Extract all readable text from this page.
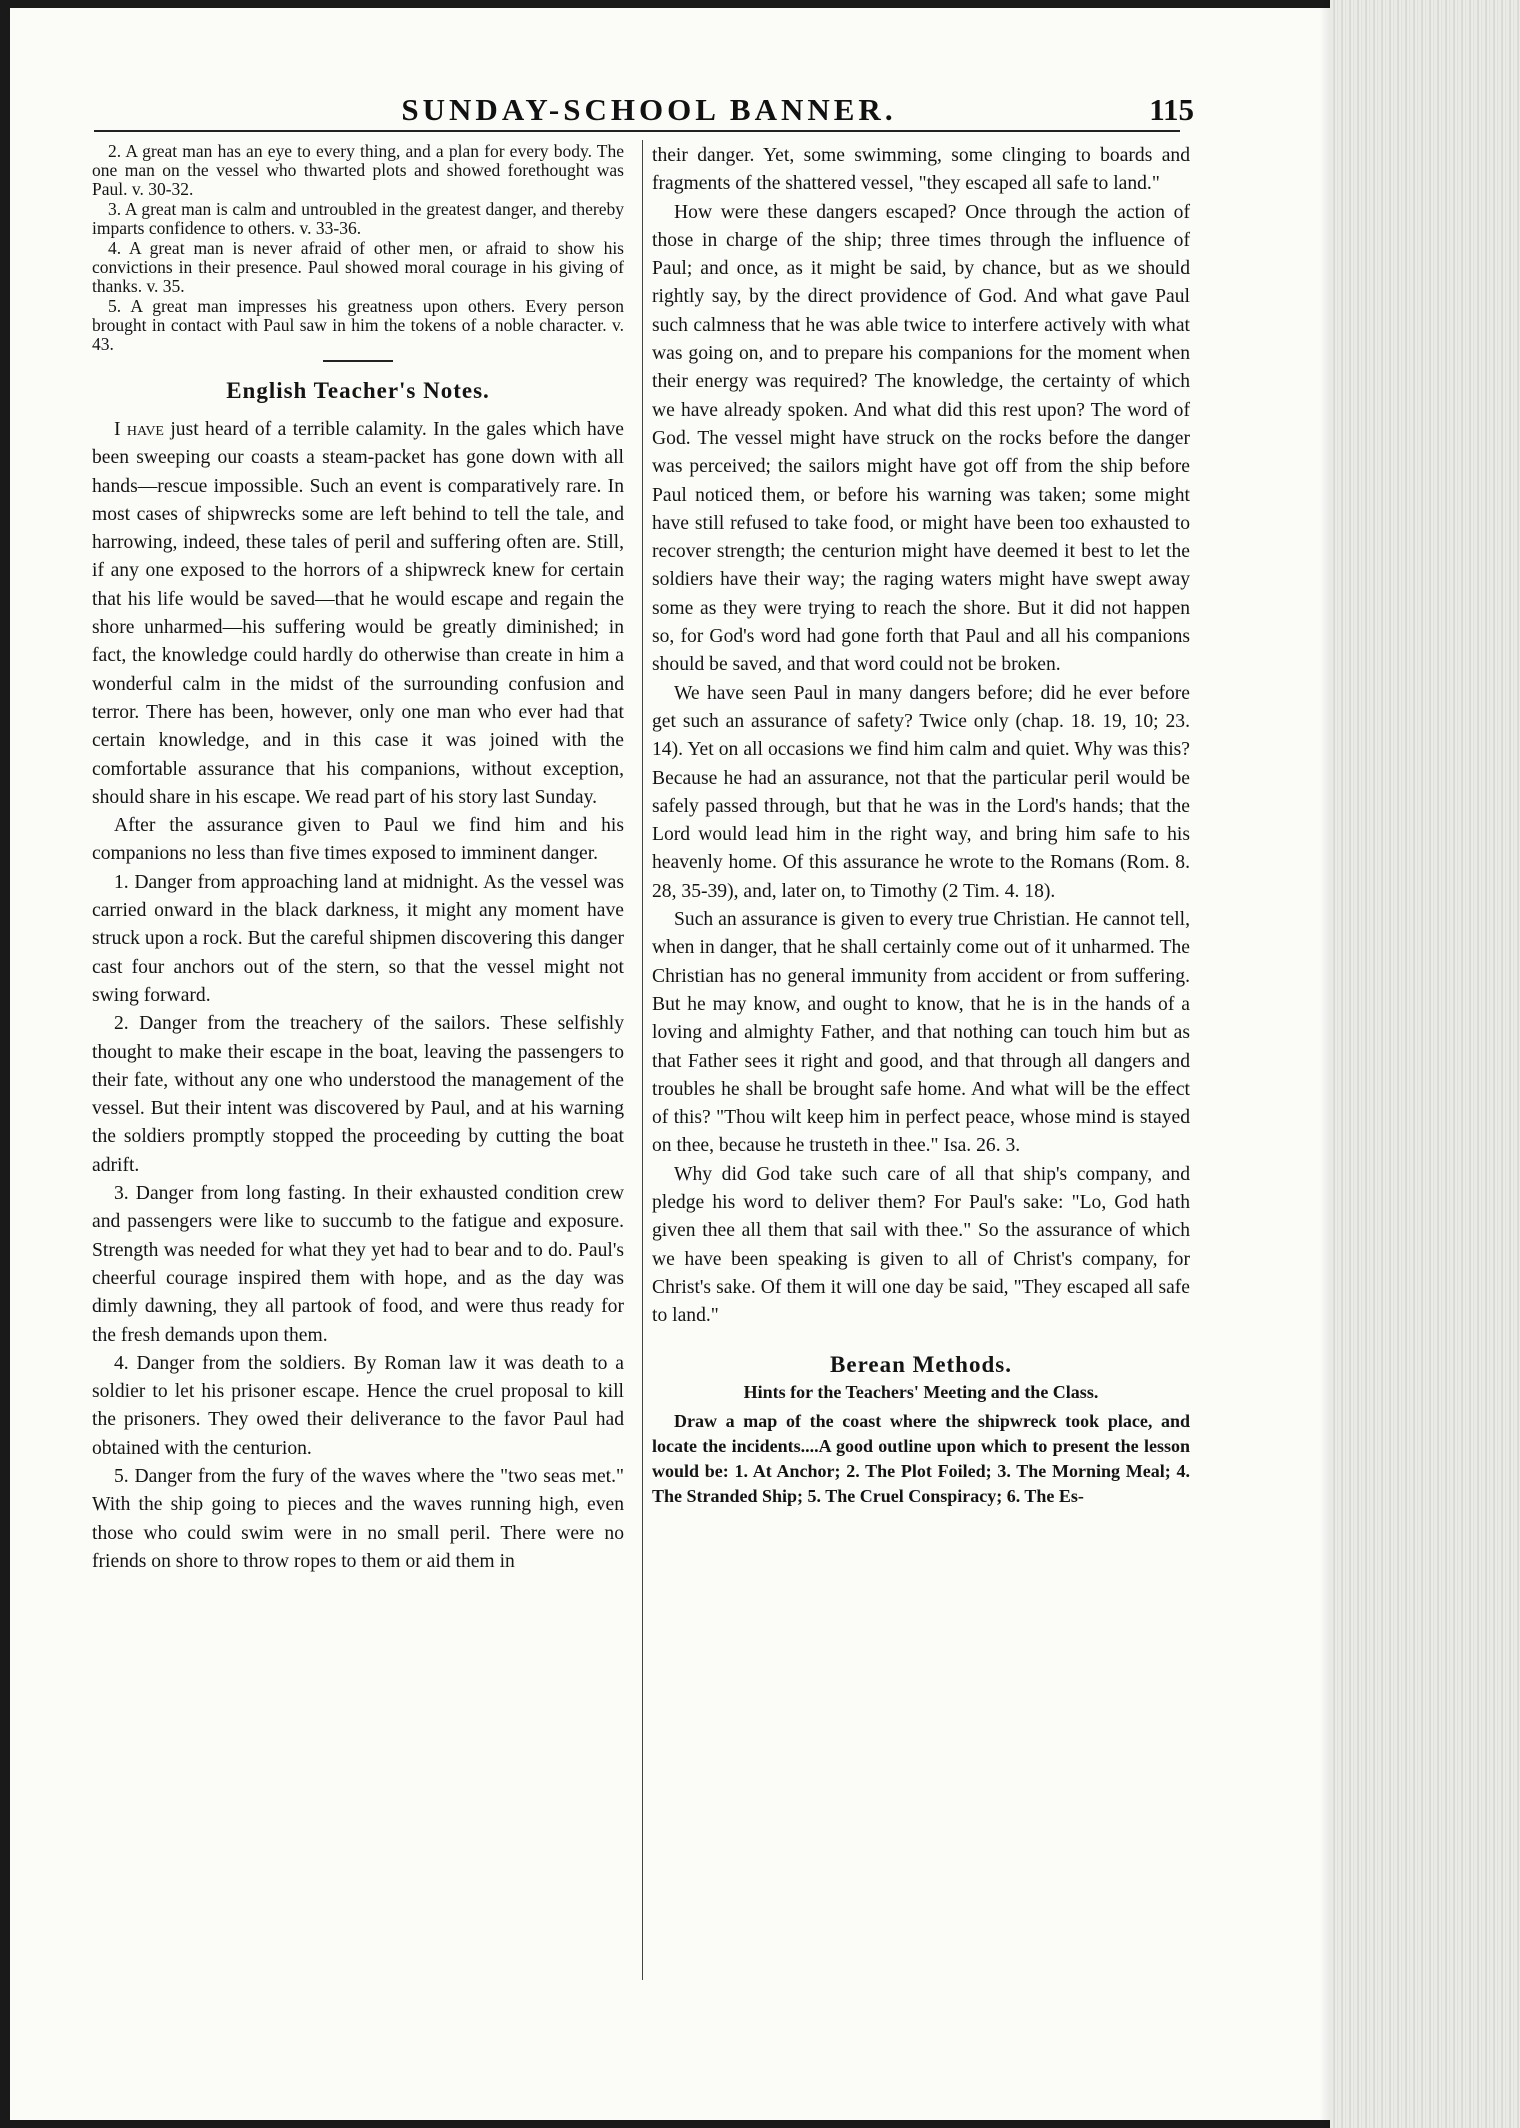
SUNDAY-SCHOOL BANNER.	115

2. A great man has an eye to every thing, and a plan for every body. The one man on the vessel who thwarted plots and showed forethought was Paul. v. 30-32.

3. A great man is calm and untroubled in the greatest danger, and thereby imparts confidence to others. v. 33-36.

4. A great man is never afraid of other men, or afraid to show his convictions in their presence. Paul showed moral courage in his giving of thanks. v. 35.

5. A great man impresses his greatness upon others. Every person brought in contact with Paul saw in him the tokens of a noble character. v. 43.

English Teacher's Notes.

I have just heard of a terrible calamity. In the gales which have been sweeping our coasts a steam-packet has gone down with all hands—rescue impossible. Such an event is comparatively rare. In most cases of shipwrecks some are left behind to tell the tale, and harrowing, indeed, these tales of peril and suffering often are. Still, if any one exposed to the horrors of a shipwreck knew for certain that his life would be saved—that he would escape and regain the shore unharmed—his suffering would be greatly diminished; in fact, the knowledge could hardly do otherwise than create in him a wonderful calm in the midst of the surrounding confusion and terror. There has been, however, only one man who ever had that certain knowledge, and in this case it was joined with the comfortable assurance that his companions, without exception, should share in his escape. We read part of his story last Sunday.

After the assurance given to Paul we find him and his companions no less than five times exposed to imminent danger.

1. Danger from approaching land at midnight. As the vessel was carried onward in the black darkness, it might any moment have struck upon a rock. But the careful shipmen discovering this danger cast four anchors out of the stern, so that the vessel might not swing forward.

2. Danger from the treachery of the sailors. These selfishly thought to make their escape in the boat, leaving the passengers to their fate, without any one who understood the management of the vessel. But their intent was discovered by Paul, and at his warning the soldiers promptly stopped the proceeding by cutting the boat adrift.

3. Danger from long fasting. In their exhausted condition crew and passengers were like to succumb to the fatigue and exposure. Strength was needed for what they yet had to bear and to do. Paul's cheerful courage inspired them with hope, and as the day was dimly dawning, they all partook of food, and were thus ready for the fresh demands upon them.

4. Danger from the soldiers. By Roman law it was death to a soldier to let his prisoner escape. Hence the cruel proposal to kill the prisoners. They owed their deliverance to the favor Paul had obtained with the centurion.

5. Danger from the fury of the waves where the "two seas met." With the ship going to pieces and the waves running high, even those who could swim were in no small peril. There were no friends on shore to throw ropes to them or aid them in

their danger. Yet, some swimming, some clinging to boards and fragments of the shattered vessel, "they escaped all safe to land."

How were these dangers escaped? Once through the action of those in charge of the ship; three times through the influence of Paul; and once, as it might be said, by chance, but as we should rightly say, by the direct providence of God. And what gave Paul such calmness that he was able twice to interfere actively with what was going on, and to prepare his companions for the moment when their energy was required? The knowledge, the certainty of which we have already spoken. And what did this rest upon? The word of God. The vessel might have struck on the rocks before the danger was perceived; the sailors might have got off from the ship before Paul noticed them, or before his warning was taken; some might have still refused to take food, or might have been too exhausted to recover strength; the centurion might have deemed it best to let the soldiers have their way; the raging waters might have swept away some as they were trying to reach the shore. But it did not happen so, for God's word had gone forth that Paul and all his companions should be saved, and that word could not be broken.

We have seen Paul in many dangers before; did he ever before get such an assurance of safety? Twice only (chap. 18. 19, 10; 23. 14). Yet on all occasions we find him calm and quiet. Why was this? Because he had an assurance, not that the particular peril would be safely passed through, but that he was in the Lord's hands; that the Lord would lead him in the right way, and bring him safe to his heavenly home. Of this assurance he wrote to the Romans (Rom. 8. 28, 35-39), and, later on, to Timothy (2 Tim. 4. 18).

Such an assurance is given to every true Christian. He cannot tell, when in danger, that he shall certainly come out of it unharmed. The Christian has no general immunity from accident or from suffering. But he may know, and ought to know, that he is in the hands of a loving and almighty Father, and that nothing can touch him but as that Father sees it right and good, and that through all dangers and troubles he shall be brought safe home. And what will be the effect of this? "Thou wilt keep him in perfect peace, whose mind is stayed on thee, because he trusteth in thee." Isa. 26. 3.

Why did God take such care of all that ship's company, and pledge his word to deliver them? For Paul's sake: "Lo, God hath given thee all them that sail with thee." So the assurance of which we have been speaking is given to all of Christ's company, for Christ's sake. Of them it will one day be said, "They escaped all safe to land."

Berean Methods.
Hints for the Teachers' Meeting and the Class.

Draw a map of the coast where the shipwreck took place, and locate the incidents....A good outline upon which to present the lesson would be: 1. At Anchor; 2. The Plot Foiled; 3. The Morning Meal; 4. The Stranded Ship; 5. The Cruel Conspiracy; 6. The Es-
